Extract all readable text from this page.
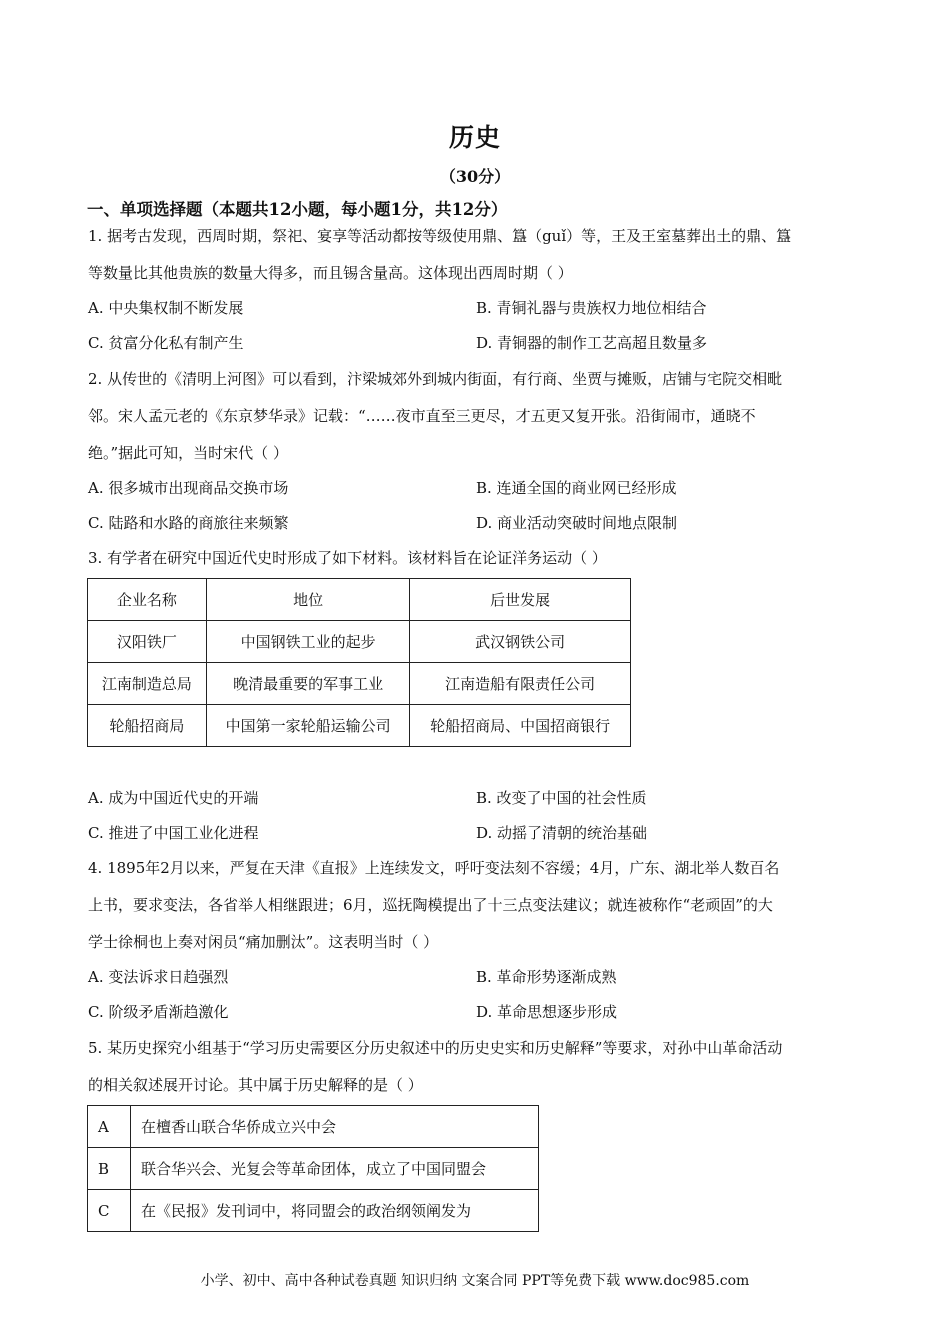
历史
（30分）
一、单项选择题（本题共12小题，每小题1分，共12分）
1. 据考古发现，西周时期，祭祀、宴享等活动都按等级使用鼎、簋（guǐ）等，王及王室墓葬出土的鼎、簋
等数量比其他贵族的数量大得多，而且锡含量高。这体现出西周时期（ ）
A. 中央集权制不断发展	B. 青铜礼器与贵族权力地位相结合
C. 贫富分化私有制产生	D. 青铜器的制作工艺高超且数量多
2. 从传世的《清明上河图》可以看到，汴梁城郊外到城内街面，有行商、坐贾与摊贩，店铺与宅院交相毗
邻。宋人孟元老的《东京梦华录》记载：“……夜市直至三更尽，才五更又复开张。沿街闹市，通晓不
绝。”据此可知，当时宋代（ ）
A. 很多城市出现商品交换市场	B. 连通全国的商业网已经形成
C. 陆路和水路的商旅往来频繁	D. 商业活动突破时间地点限制
3. 有学者在研究中国近代史时形成了如下材料。该材料旨在论证洋务运动（ ）
企业名称	地位	后世发展
汉阳铁厂	中国钢铁工业的起步	武汉钢铁公司
江南制造总局	晚清最重要的军事工业	江南造船有限责任公司
轮船招商局	中国第一家轮船运输公司	轮船招商局、中国招商银行
A. 成为中国近代史的开端	B. 改变了中国的社会性质
C. 推进了中国工业化进程	D. 动摇了清朝的统治基础
4. 1895年2月以来，严复在天津《直报》上连续发文，呼吁变法刻不容缓；4月，广东、湖北举人数百名
上书，要求变法，各省举人相继跟进；6月，巡抚陶模提出了十三点变法建议；就连被称作“老顽固”的大
学士徐桐也上奏对闲员“痛加删汰”。这表明当时（ ）
A. 变法诉求日趋强烈	B. 革命形势逐渐成熟
C. 阶级矛盾渐趋激化	D. 革命思想逐步形成
5. 某历史探究小组基于“学习历史需要区分历史叙述中的历史史实和历史解释”等要求，对孙中山革命活动
的相关叙述展开讨论。其中属于历史解释的是（ ）
A	在檀香山联合华侨成立兴中会
B	联合华兴会、光复会等革命团体，成立了中国同盟会
C	在《民报》发刊词中，将同盟会的政治纲领阐发为
小学、初中、高中各种试卷真题 知识归纳 文案合同 PPT等免费下载 www.doc985.com
